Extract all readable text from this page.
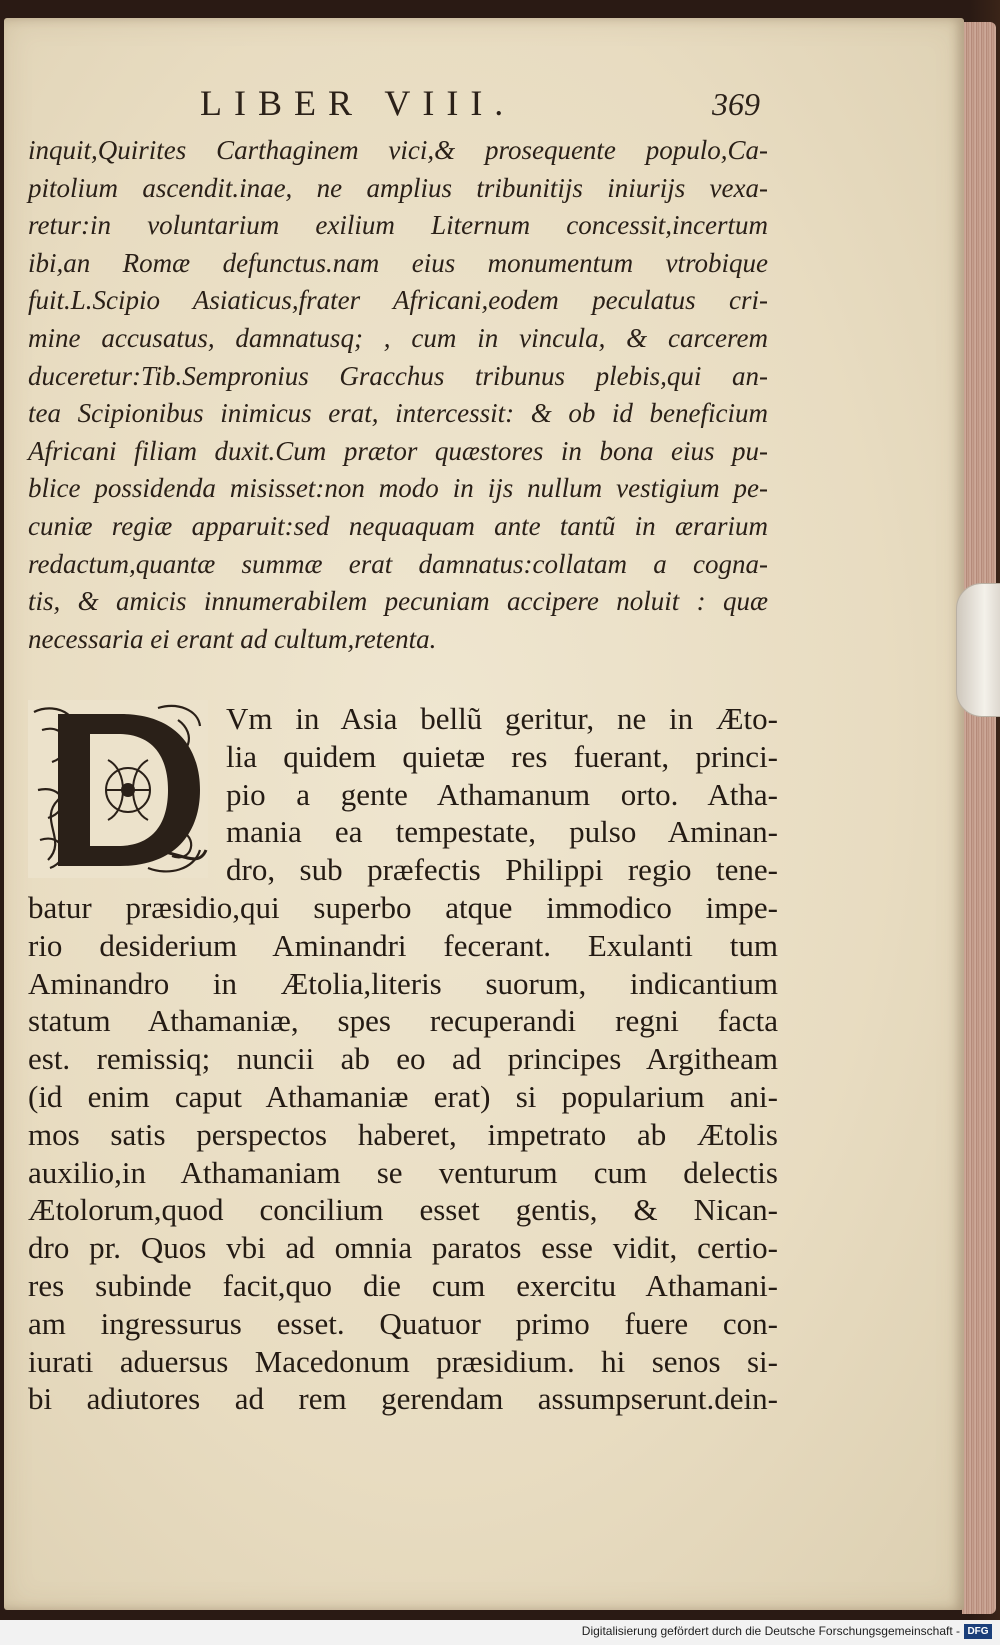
LIBER VIII.	369
inquit,Quirites Carthaginem vici,& prosequente populo,Ca-
pitolium ascendit.inae, ne amplius tribunitijs iniurijs vexa-
retur:in voluntarium exilium Liternum concessit,incertum
ibi,an Romæ defunctus.nam eius monumentum vtrobique
fuit.L.Scipio Asiaticus,frater Africani,eodem peculatus cri-
mine accusatus, damnatusq; , cum in vincula, & carcerem
duceretur:Tib.Sempronius Gracchus tribunus plebis,qui an-
tea Scipionibus inimicus erat, intercessit: & ob id beneficium
Africani filiam duxit.Cum prætor quæstores in bona eius pu-
blice possidenda misisset:non modo in ijs nullum vestigium pe-
cuniæ regiæ apparuit:sed nequaquam ante tantũ in ærarium
redactum,quantæ summæ erat damnatus:collatam a cogna-
tis, & amicis innumerabilem pecuniam accipere noluit : quæ
necessaria ei erant ad cultum,retenta.
Vm in Asia bellũ geritur, ne in Æto-
lia quidem quietæ res fuerant, princi-
pio a gente Athamanum orto. Atha-
mania ea tempestate, pulso Aminan-
dro, sub præfectis Philippi regio tene-
batur præsidio,qui superbo atque immodico impe-
rio desiderium Aminandri fecerant. Exulanti tum
Aminandro in Ætolia,literis suorum, indicantium
statum Athamaniæ, spes recuperandi regni facta
est. remissiq; nuncii ab eo ad principes Argitheam
(id enim caput Athamaniæ erat) si popularium ani-
mos satis perspectos haberet, impetrato ab Ætolis
auxilio,in Athamaniam se venturum cum delectis
Ætolorum,quod concilium esset gentis, & Nican-
dro pr. Quos vbi ad omnia paratos esse vidit, certio-
res subinde facit,quo die cum exercitu Athamani-
am ingressurus esset. Quatuor primo fuere con-
iurati aduersus Macedonum præsidium. hi senos si-
bi adiutores ad rem gerendam assumpserunt.dein-
Digitalisierung gefördert durch die Deutsche Forschungsgemeinschaft - DFG
